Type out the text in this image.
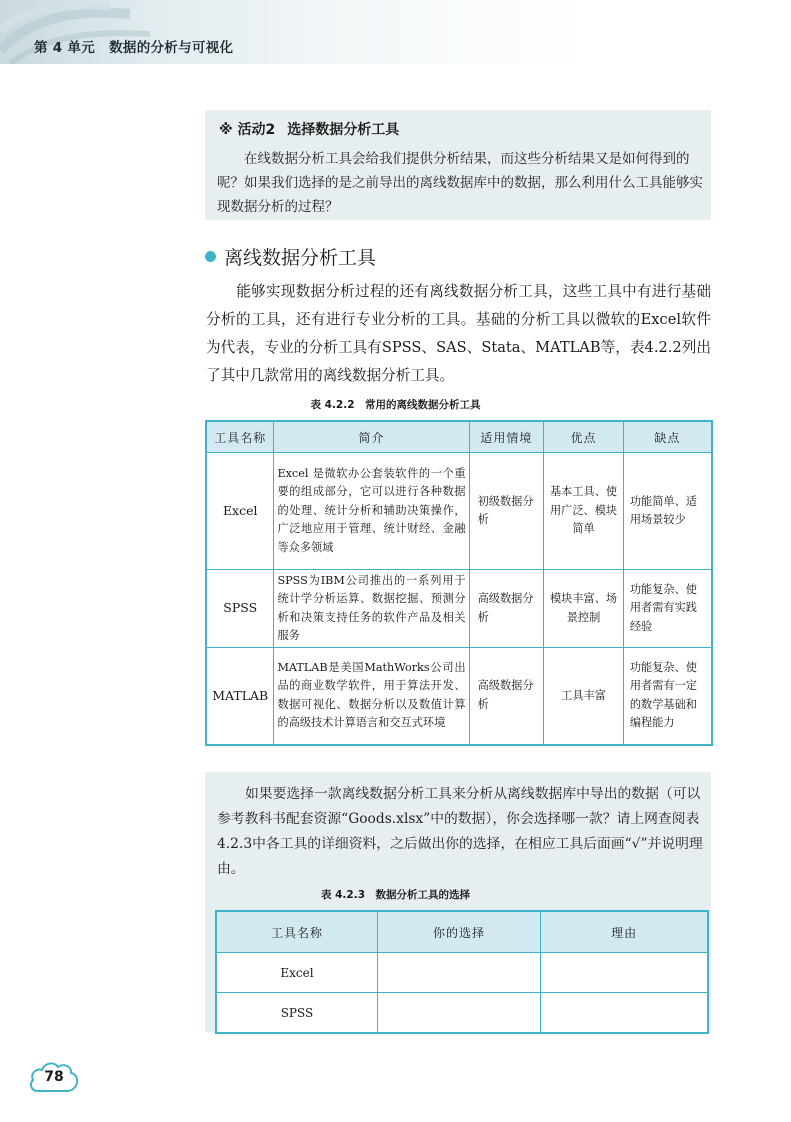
第 4 单元 数据的分析与可视化
※ 活动2 选择数据分析工具
在线数据分析工具会给我们提供分析结果，而这些分析结果又是如何得到的呢？如果我们选择的是之前导出的离线数据库中的数据，那么利用什么工具能够实现数据分析的过程？
离线数据分析工具
能够实现数据分析过程的还有离线数据分析工具，这些工具中有进行基础分析的工具，还有进行专业分析的工具。基础的分析工具以微软的Excel软件为代表，专业的分析工具有SPSS、SAS、Stata、MATLAB等，表4.2.2列出了其中几款常用的离线数据分析工具。
表 4.2.2　常用的离线数据分析工具
工具名称	简介	适用情境	优点	缺点
Excel	Excel 是微软办公套装软件的一个重要的组成部分，它可以进行各种数据的处理、统计分析和辅助决策操作，广泛地应用于管理、统计财经、金融等众多领域	初级数据分析	基本工具、使用广泛、模块简单	功能简单、适用场景较少
SPSS	SPSS为IBM公司推出的一系列用于统计学分析运算、数据挖掘、预测分析和决策支持任务的软件产品及相关服务	高级数据分析	模块丰富、场景控制	功能复杂、使用者需有实践经验
MATLAB	MATLAB是美国MathWorks公司出品的商业数学软件，用于算法开发、数据可视化、数据分析以及数值计算的高级技术计算语言和交互式环境	高级数据分析	工具丰富	功能复杂、使用者需有一定的数学基础和编程能力
如果要选择一款离线数据分析工具来分析从离线数据库中导出的数据（可以参考教科书配套资源“Goods.xlsx”中的数据），你会选择哪一款？请上网查阅表4.2.3中各工具的详细资料，之后做出你的选择，在相应工具后面画“√”并说明理由。
表 4.2.3　数据分析工具的选择
工具名称	你的选择	理由
Excel		
SPSS		
78
